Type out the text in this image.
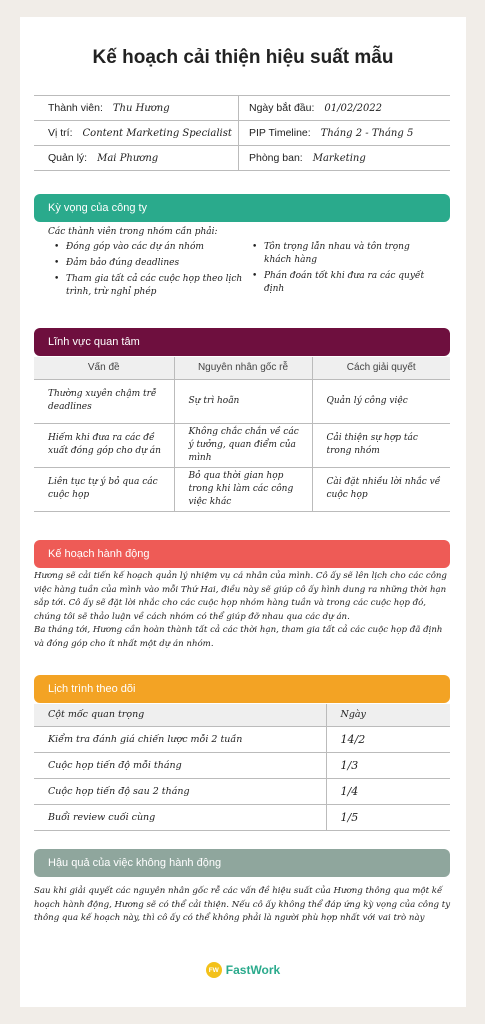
Kế hoạch cải thiện hiệu suất mẫu
Thành viên: Thu Hương	Ngày bắt đầu: 01/02/2022
Vị trí: Content Marketing Specialist PIP Timeline: Tháng 2 - Tháng 5
Quản lý: Mai Phương	Phòng ban: Marketing
Kỳ vọng của công ty
Các thành viên trong nhóm cần phải:
• Đóng góp vào các dự án nhóm
• Đảm bảo đúng deadlines
• Tham gia tất cả các cuộc họp theo lịch trình, trừ nghỉ phép
• Tôn trọng lẫn nhau và tôn trọng khách hàng
• Phán đoán tốt khi đưa ra các quyết định
Lĩnh vực quan tâm
Vấn đề	Nguyên nhân gốc rễ	Cách giải quyết
Thường xuyên chậm trễ deadlines	Sự trì hoãn	Quản lý công việc
Hiếm khi đưa ra các đề xuất đóng góp cho dự án	Không chắc chắn về các ý tưởng, quan điểm của mình	Cải thiện sự hợp tác trong nhóm
Liên tục tự ý bỏ qua các cuộc họp	Bỏ qua thời gian họp trong khi làm các công việc khác	Cài đặt nhiều lời nhắc về cuộc họp
Kế hoạch hành động

Hương sẽ cải tiến kế hoạch quản lý nhiệm vụ cá nhân của mình. Cô ấy sẽ lên lịch cho các công việc hàng tuần của mình vào mỗi Thứ Hai, điều này sẽ giúp cô ấy hình dung ra những thời hạn sắp tới. Cô ấy sẽ đặt lời nhắc cho các cuộc họp nhóm hàng tuần và trong các cuộc họp đó, chúng tôi sẽ thảo luận về cách nhóm có thể giúp đỡ nhau qua các dự án.

Ba tháng tới, Hương cần hoàn thành tất cả các thời hạn, tham gia tất cả các cuộc họp đã định và đóng góp cho ít nhất một dự án nhóm.

Lịch trình theo dõi
Cột mốc quan trọng	Ngày
Kiểm tra đánh giá chiến lược mỗi 2 tuần	14/2
Cuộc họp tiến độ mỗi tháng	1/3
Cuộc họp tiến độ sau 2 tháng	1/4
Buổi review cuối cùng	1/5
Hậu quả của việc không hành động
Sau khi giải quyết các nguyên nhân gốc rễ các vấn đề hiệu suất của Hương thông qua một kế hoạch hành động, Hương sẽ có thể cải thiện. Nếu cô ấy không thể đáp ứng kỳ vọng của công ty thông qua kế hoạch này, thì cô ấy có thể không phải là người phù hợp nhất với vai trò này
FW FastWork
